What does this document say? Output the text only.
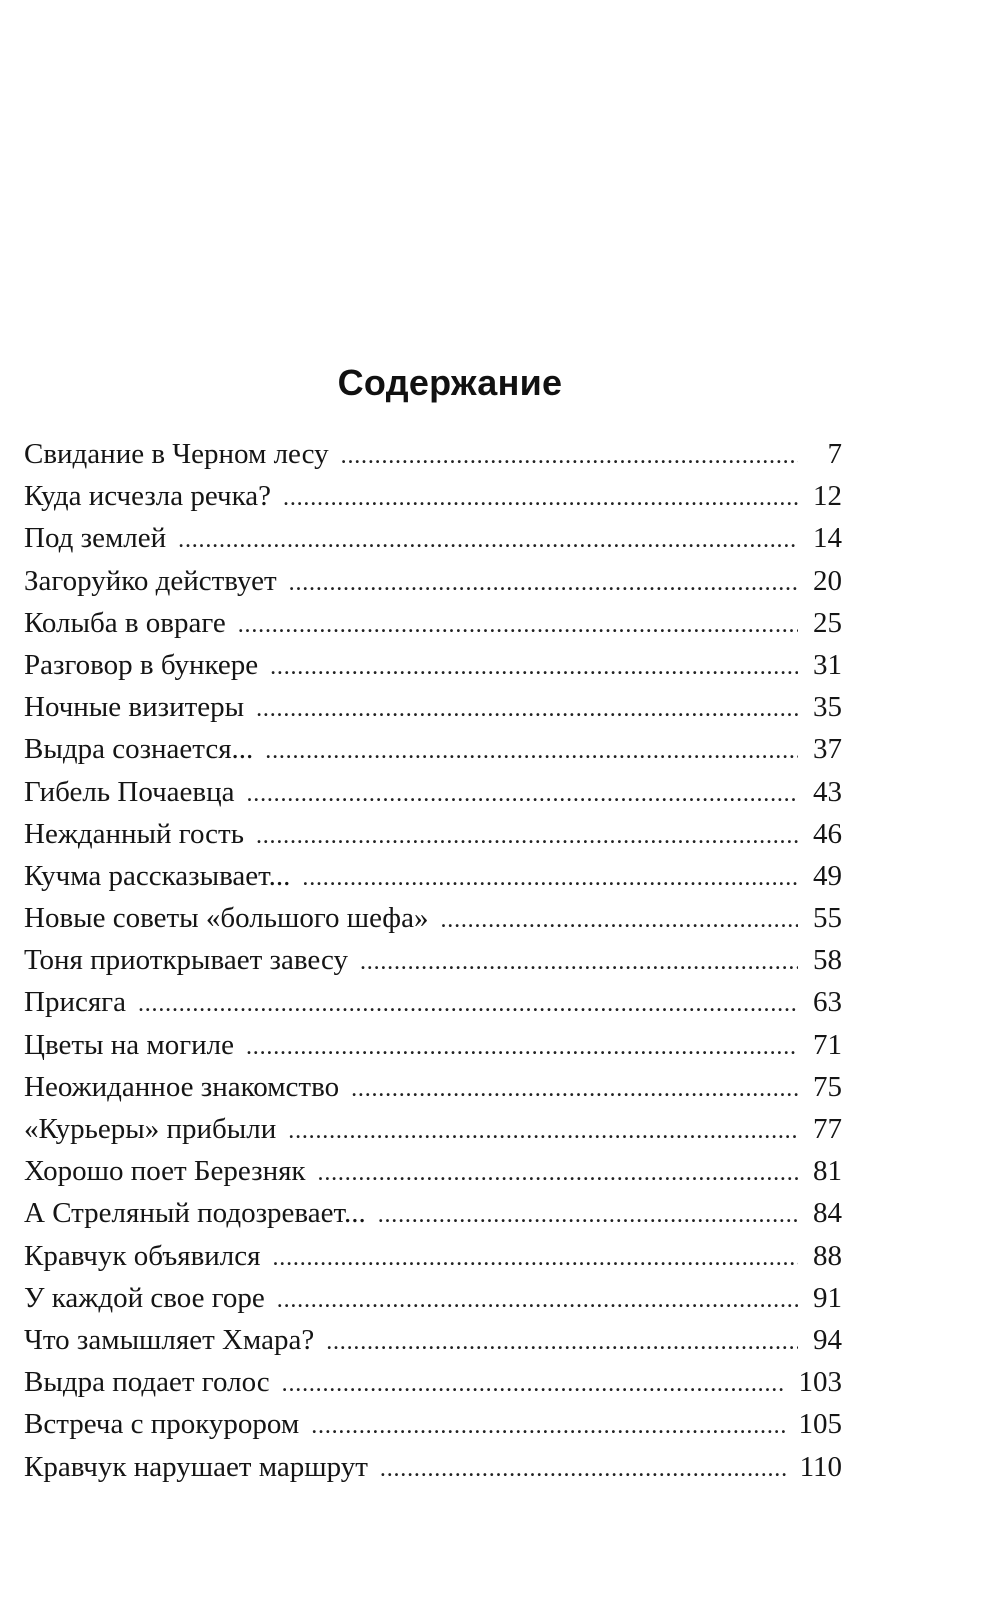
Содержание
Свидание в Черном лесу . . .	7
Куда исчезла речка? . . .	12
Под землей . . .	14
Загоруйко действует . . .	20
Колыба в овраге . . .	25
Разговор в бункере . . .	31
Ночные визитеры . . .	35
Выдра сознается... . . .	37
Гибель Почаевца . . .	43
Нежданный гость . . .	46
Кучма рассказывает... . . .	49
Новые советы «большого шефа» . . .	55
Тоня приоткрывает завесу . . .	58
Присяга . . .	63
Цветы на могиле . . .	71
Неожиданное знакомство . . .	75
«Курьеры» прибыли . . .	77
Хорошо поет Березняк . . .	81
А Стреляный подозревает... . . .	84
Кравчук объявился . . .	88
У каждой свое горе . . .	91
Что замышляет Хмара? . . .	94
Выдра подает голос . . .	103
Встреча с прокурором . . .	105
Кравчук нарушает маршрут . . .	110
